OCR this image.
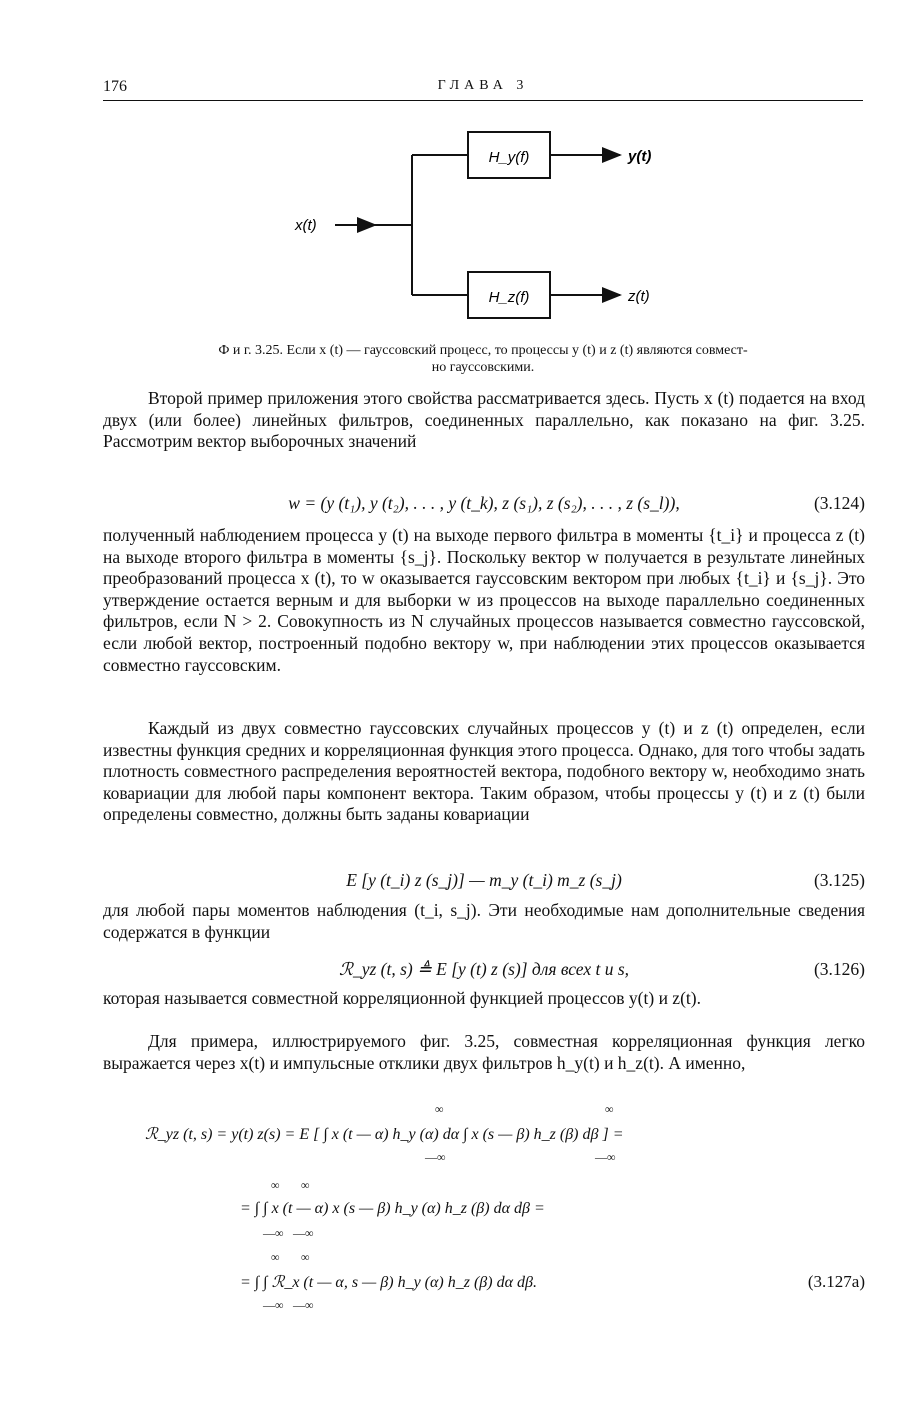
176	ГЛАВА 3
x(t)
H_y(f)
H_z(f)
y(t)
z(t)
Ф и г. 3.25. Если x (t) — гауссовский процесс, то процессы y (t) и z (t) являются совмест-
но гауссовскими.

Второй пример приложения этого свойства рассматривается здесь. Пусть x (t) подается на вход двух (или более) линейных фильтров, соединенных параллельно, как показано на фиг. 3.25. Рассмотрим вектор выборочных значений

w = (y (t₁), y (t₂), . . . , y (t_k), z (s₁), z (s₂), . . . , z (s_l)),	(3.124)

полученный наблюдением процесса y (t) на выходе первого фильтра в моменты {t_i} и процесса z (t) на выходе второго фильтра в моменты {s_j}. Поскольку вектор w получается в результате линейных преобразований процесса x (t), то w оказывается гауссовским вектором при любых {t_i} и {s_j}. Это утверждение остается верным и для выборки w из процессов на выходе параллельно соединенных фильтров, если N > 2. Совокупность из N случайных процессов называется совместно гауссовской, если любой вектор, построенный подобно вектору w, при наблюдении этих процессов оказывается совместно гауссовским.

Каждый из двух совместно гауссовских случайных процессов y (t) и z (t) определен, если известны функция средних и корреляционная функция этого процесса. Однако, для того чтобы задать плотность совместного распределения вероятностей вектора, подобного вектору w, необходимо знать ковариации для любой пары компонент вектора. Таким образом, чтобы процессы y (t) и z (t) были определены совместно, должны быть заданы ковариации

E [y (t_i) z (s_j)] — m_y (t_i) m_z (s_j)	(3.125)

для любой пары моментов наблюдения (t_i, s_j). Эти необходимые нам дополнительные сведения содержатся в функции

ℛ_yz (t, s) ≜ E [y (t) z (s)] для всех t и s,	(3.126)

которая называется совместной корреляционной функцией процессов y(t) и z(t).

Для примера, иллюстрируемого фиг. 3.25, совместная корреляционная функция легко выражается через x(t) и импульсные отклики двух фильтров h_y(t) и h_z(t). А именно,

∞	∞
ℛ_yz (t, s) = y(t) z(s) = E [ ∫ x (t — α) h_y (α) dα ∫ x (s — β) h_z (β) dβ ] =
—∞	—∞
∞ ∞
= ∫ ∫ x (t — α) x (s — β) h_y (α) h_z (β) dα dβ =
—∞ —∞
∞ ∞
= ∫ ∫ ℛ_x (t — α, s — β) h_y (α) h_z (β) dα dβ.	(3.127а)
—∞ —∞
